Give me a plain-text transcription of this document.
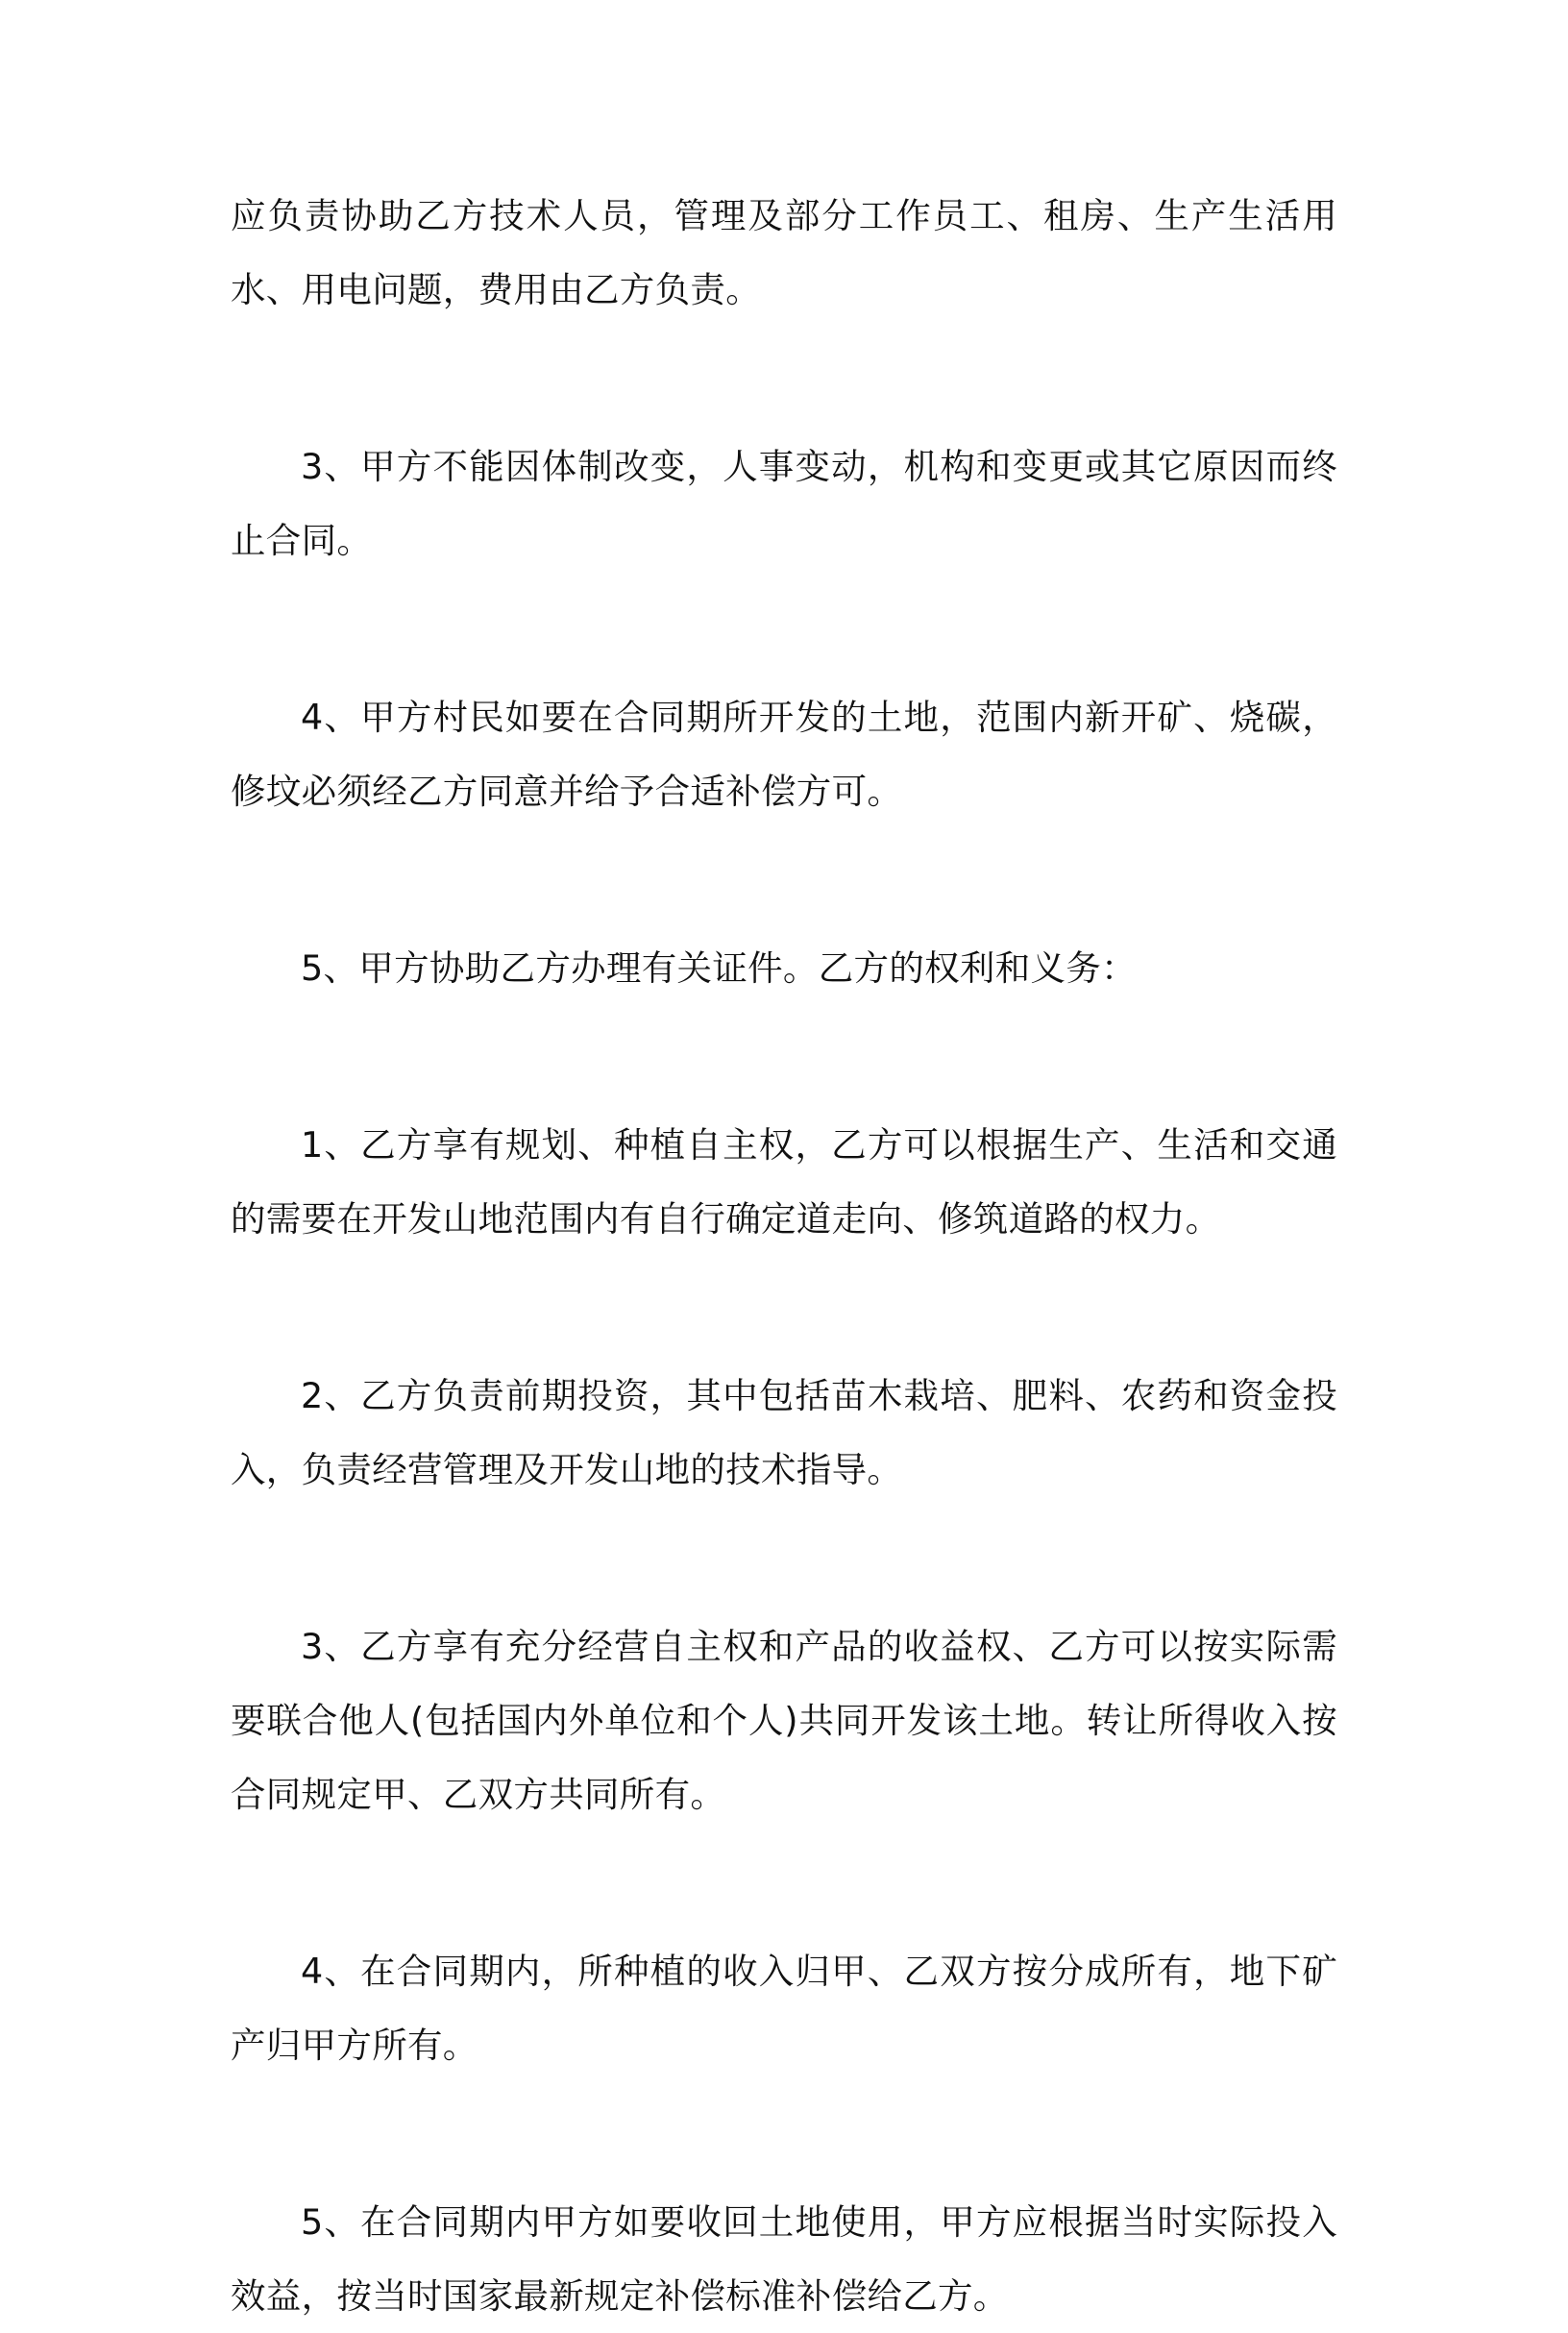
应负责协助乙方技术人员，管理及部分工作员工、租房、生产生活用水、用电问题，费用由乙方负责。

3、甲方不能因体制改变，人事变动，机构和变更或其它原因而终止合同。

4、甲方村民如要在合同期所开发的土地，范围内新开矿、烧碳，修坟必须经乙方同意并给予合适补偿方可。

5、甲方协助乙方办理有关证件。乙方的权利和义务：

1、乙方享有规划、种植自主权，乙方可以根据生产、生活和交通的需要在开发山地范围内有自行确定道走向、修筑道路的权力。

2、乙方负责前期投资，其中包括苗木栽培、肥料、农药和资金投入，负责经营管理及开发山地的技术指导。

3、乙方享有充分经营自主权和产品的收益权、乙方可以按实际需要联合他人(包括国内外单位和个人)共同开发该土地。转让所得收入按合同规定甲、乙双方共同所有。

4、在合同期内，所种植的收入归甲、乙双方按分成所有，地下矿产归甲方所有。

5、在合同期内甲方如要收回土地使用，甲方应根据当时实际投入效益，按当时国家最新规定补偿标准补偿给乙方。
